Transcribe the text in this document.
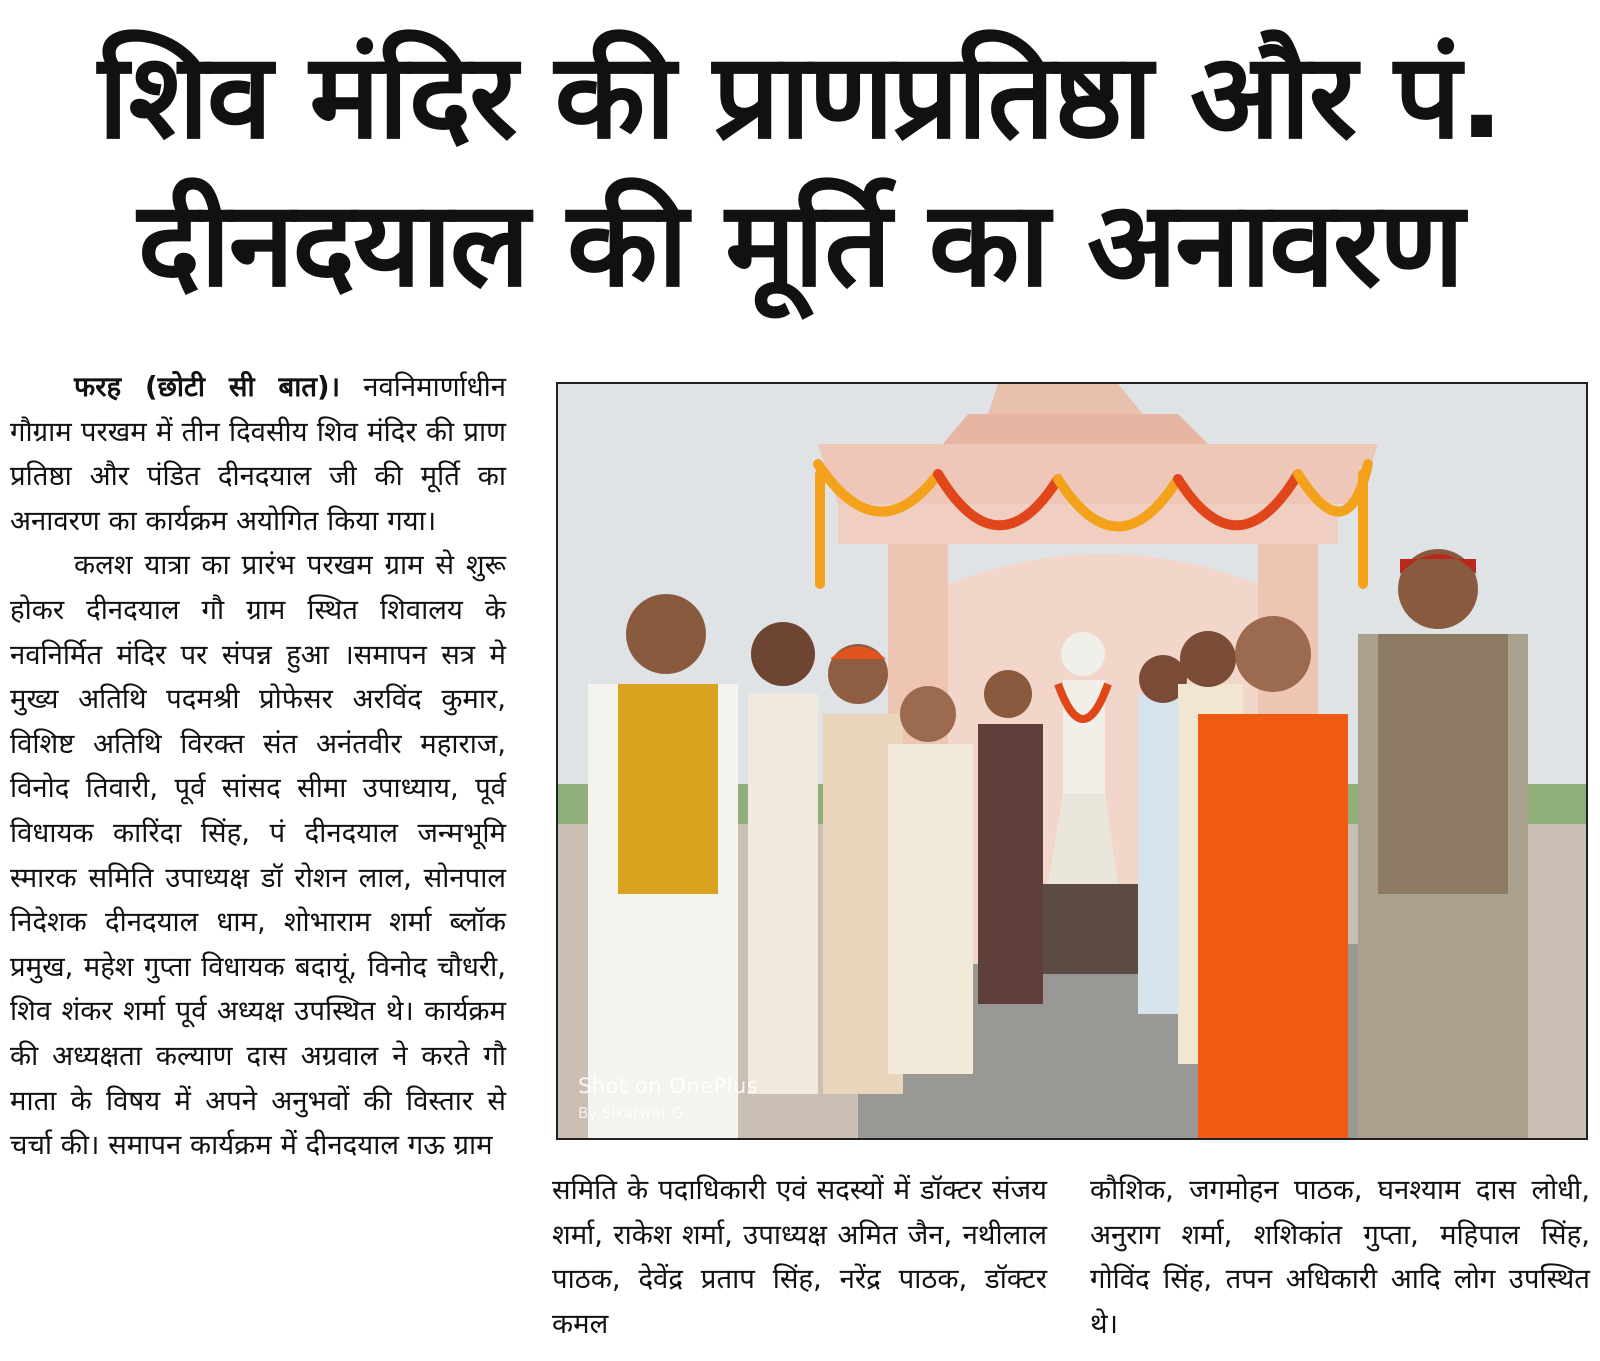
शिव मंदिर की प्राणप्रतिष्ठा और पं. दीनदयाल की मूर्ति का अनावरण

फरह (छोटी सी बात)। नवनिमार्णाधीन गौग्राम परखम में तीन दिवसीय शिव मंदिर की प्राण प्रतिष्ठा और पंडित दीनदयाल जी की मूर्ति का अनावरण का कार्यक्रम अयोगित किया गया।

कलश यात्रा का प्रारंभ परखम ग्राम से शुरू होकर दीनदयाल गौ ग्राम स्थित शिवालय के नवनिर्मित मंदिर पर संपन्न हुआ ।समापन सत्र मे मुख्य अतिथि पदमश्री प्रोफेसर अरविंद कुमार, विशिष्ट अतिथि विरक्त संत अनंतवीर महाराज, विनोद तिवारी, पूर्व सांसद सीमा उपाध्याय, पूर्व विधायक कारिंदा सिंह, पं दीनदयाल जन्मभूमि स्मारक समिति उपाध्यक्ष डॉ रोशन लाल, सोनपाल निदेशक दीनदयाल धाम, शोभाराम शर्मा ब्लॉक प्रमुख, महेश गुप्ता विधायक बदायूं, विनोद चौधरी, शिव शंकर शर्मा पूर्व अध्यक्ष उपस्थित थे। कार्यक्रम की अध्यक्षता कल्याण दास अग्रवाल ने करते गौ माता के विषय में अपने अनुभवों की विस्तार से चर्चा की। समापन कार्यक्रम में दीनदयाल गऊ ग्राम

Shot on OnePlus
By Sikarwar G

समिति के पदाधिकारी एवं सदस्यों में डॉक्टर संजय शर्मा, राकेश शर्मा, उपाध्यक्ष अमित जैन, नथीलाल पाठक, देवेंद्र प्रताप सिंह, नरेंद्र पाठक, डॉक्टर कमल

कौशिक, जगमोहन पाठक, घनश्याम दास लोधी, अनुराग शर्मा, शशिकांत गुप्ता, महिपाल सिंह, गोविंद सिंह, तपन अधिकारी आदि लोग उपस्थित थे।
